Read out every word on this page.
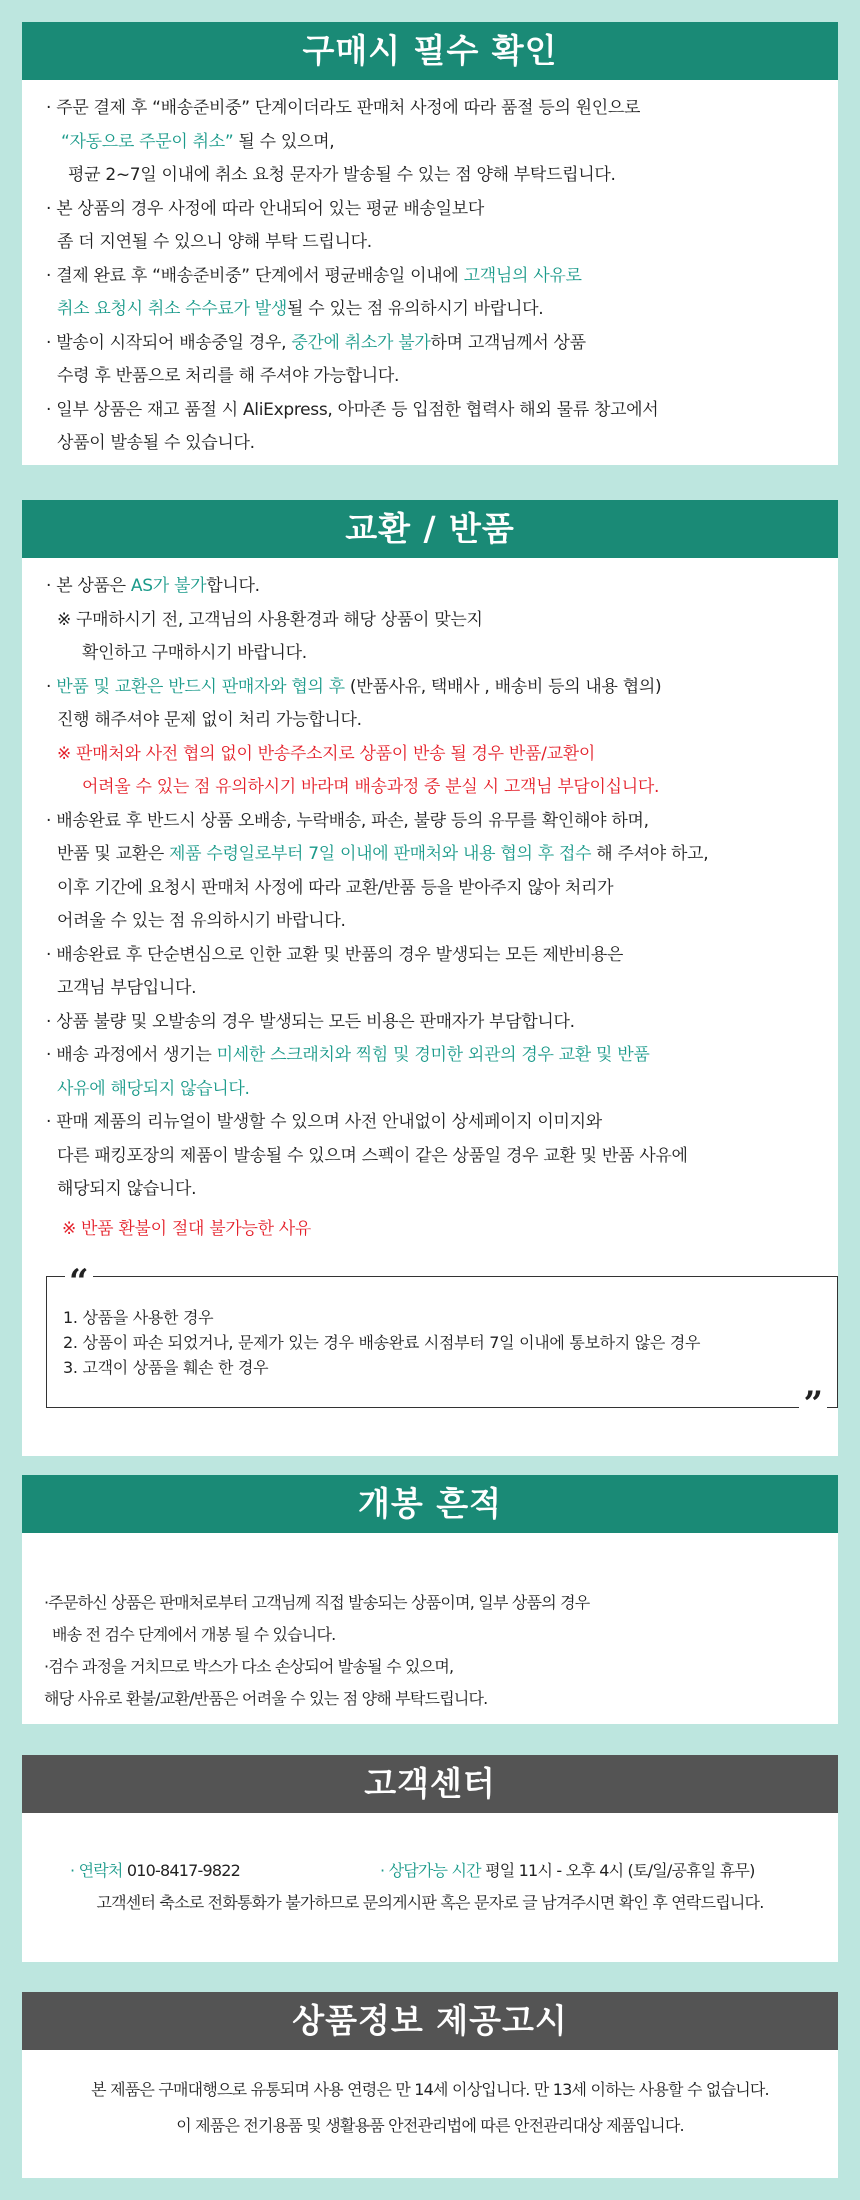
구매시 필수 확인
· 주문 결제 후 “배송준비중” 단계이더라도 판매처 사정에 따라 품절 등의 원인으로
“자동으로 주문이 취소” 될 수 있으며,
평균 2~7일 이내에 취소 요청 문자가 발송될 수 있는 점 양해 부탁드립니다.
· 본 상품의 경우 사정에 따라 안내되어 있는 평균 배송일보다
좀 더 지연될 수 있으니 양해 부탁 드립니다.
· 결제 완료 후 “배송준비중” 단계에서 평균배송일 이내에 고객님의 사유로
취소 요청시 취소 수수료가 발생될 수 있는 점 유의하시기 바랍니다.
· 발송이 시작되어 배송중일 경우, 중간에 취소가 불가하며 고객님께서 상품
수령 후 반품으로 처리를 해 주셔야 가능합니다.
· 일부 상품은 재고 품절 시 AliExpress, 아마존 등 입점한 협력사 해외 물류 창고에서
상품이 발송될 수 있습니다.
교환 / 반품
· 본 상품은 AS가 불가합니다.
※ 구매하시기 전, 고객님의 사용환경과 해당 상품이 맞는지
확인하고 구매하시기 바랍니다.
· 반품 및 교환은 반드시 판매자와 협의 후 (반품사유, 택배사 , 배송비 등의 내용 협의)
진행 해주셔야 문제 없이 처리 가능합니다.
※ 판매처와 사전 협의 없이 반송주소지로 상품이 반송 될 경우 반품/교환이
어려울 수 있는 점 유의하시기 바라며 배송과정 중 분실 시 고객님 부담이십니다.
· 배송완료 후 반드시 상품 오배송, 누락배송, 파손, 불량 등의 유무를 확인해야 하며,
반품 및 교환은 제품 수령일로부터 7일 이내에 판매처와 내용 협의 후 접수 해 주셔야 하고,
이후 기간에 요청시 판매처 사정에 따라 교환/반품 등을 받아주지 않아 처리가
어려울 수 있는 점 유의하시기 바랍니다.
· 배송완료 후 단순변심으로 인한 교환 및 반품의 경우 발생되는 모든 제반비용은
고객님 부담입니다.
· 상품 불량 및 오발송의 경우 발생되는 모든 비용은 판매자가 부담합니다.
· 배송 과정에서 생기는 미세한 스크래치와 찍힘 및 경미한 외관의 경우 교환 및 반품
사유에 해당되지 않습니다.
· 판매 제품의 리뉴얼이 발생할 수 있으며 사전 안내없이 상세페이지 이미지와
다른 패킹포장의 제품이 발송될 수 있으며 스펙이 같은 상품일 경우 교환 및 반품 사유에
해당되지 않습니다.
※ 반품 환불이 절대 불가능한 사유
“
”
1. 상품을 사용한 경우
2. 상품이 파손 되었거나, 문제가 있는 경우 배송완료 시점부터 7일 이내에 통보하지 않은 경우
3. 고객이 상품을 훼손 한 경우
개봉 흔적
·주문하신 상품은 판매처로부터 고객님께 직접 발송되는 상품이며, 일부 상품의 경우
배송 전 검수 단계에서 개봉 될 수 있습니다.
·검수 과정을 거치므로 박스가 다소 손상되어 발송될 수 있으며,
해당 사유로 환불/교환/반품은 어려울 수 있는 점 양해 부탁드립니다.
고객센터
· 연락처 010-8417-9822	· 상담가능 시간 평일 11시 - 오후 4시 (토/일/공휴일 휴무)
고객센터 축소로 전화통화가 불가하므로 문의게시판 혹은 문자로 글 남겨주시면 확인 후 연락드립니다.
상품정보 제공고시
본 제품은 구매대행으로 유통되며 사용 연령은 만 14세 이상입니다. 만 13세 이하는 사용할 수 없습니다.
이 제품은 전기용품 및 생활용품 안전관리법에 따른 안전관리대상 제품입니다.
